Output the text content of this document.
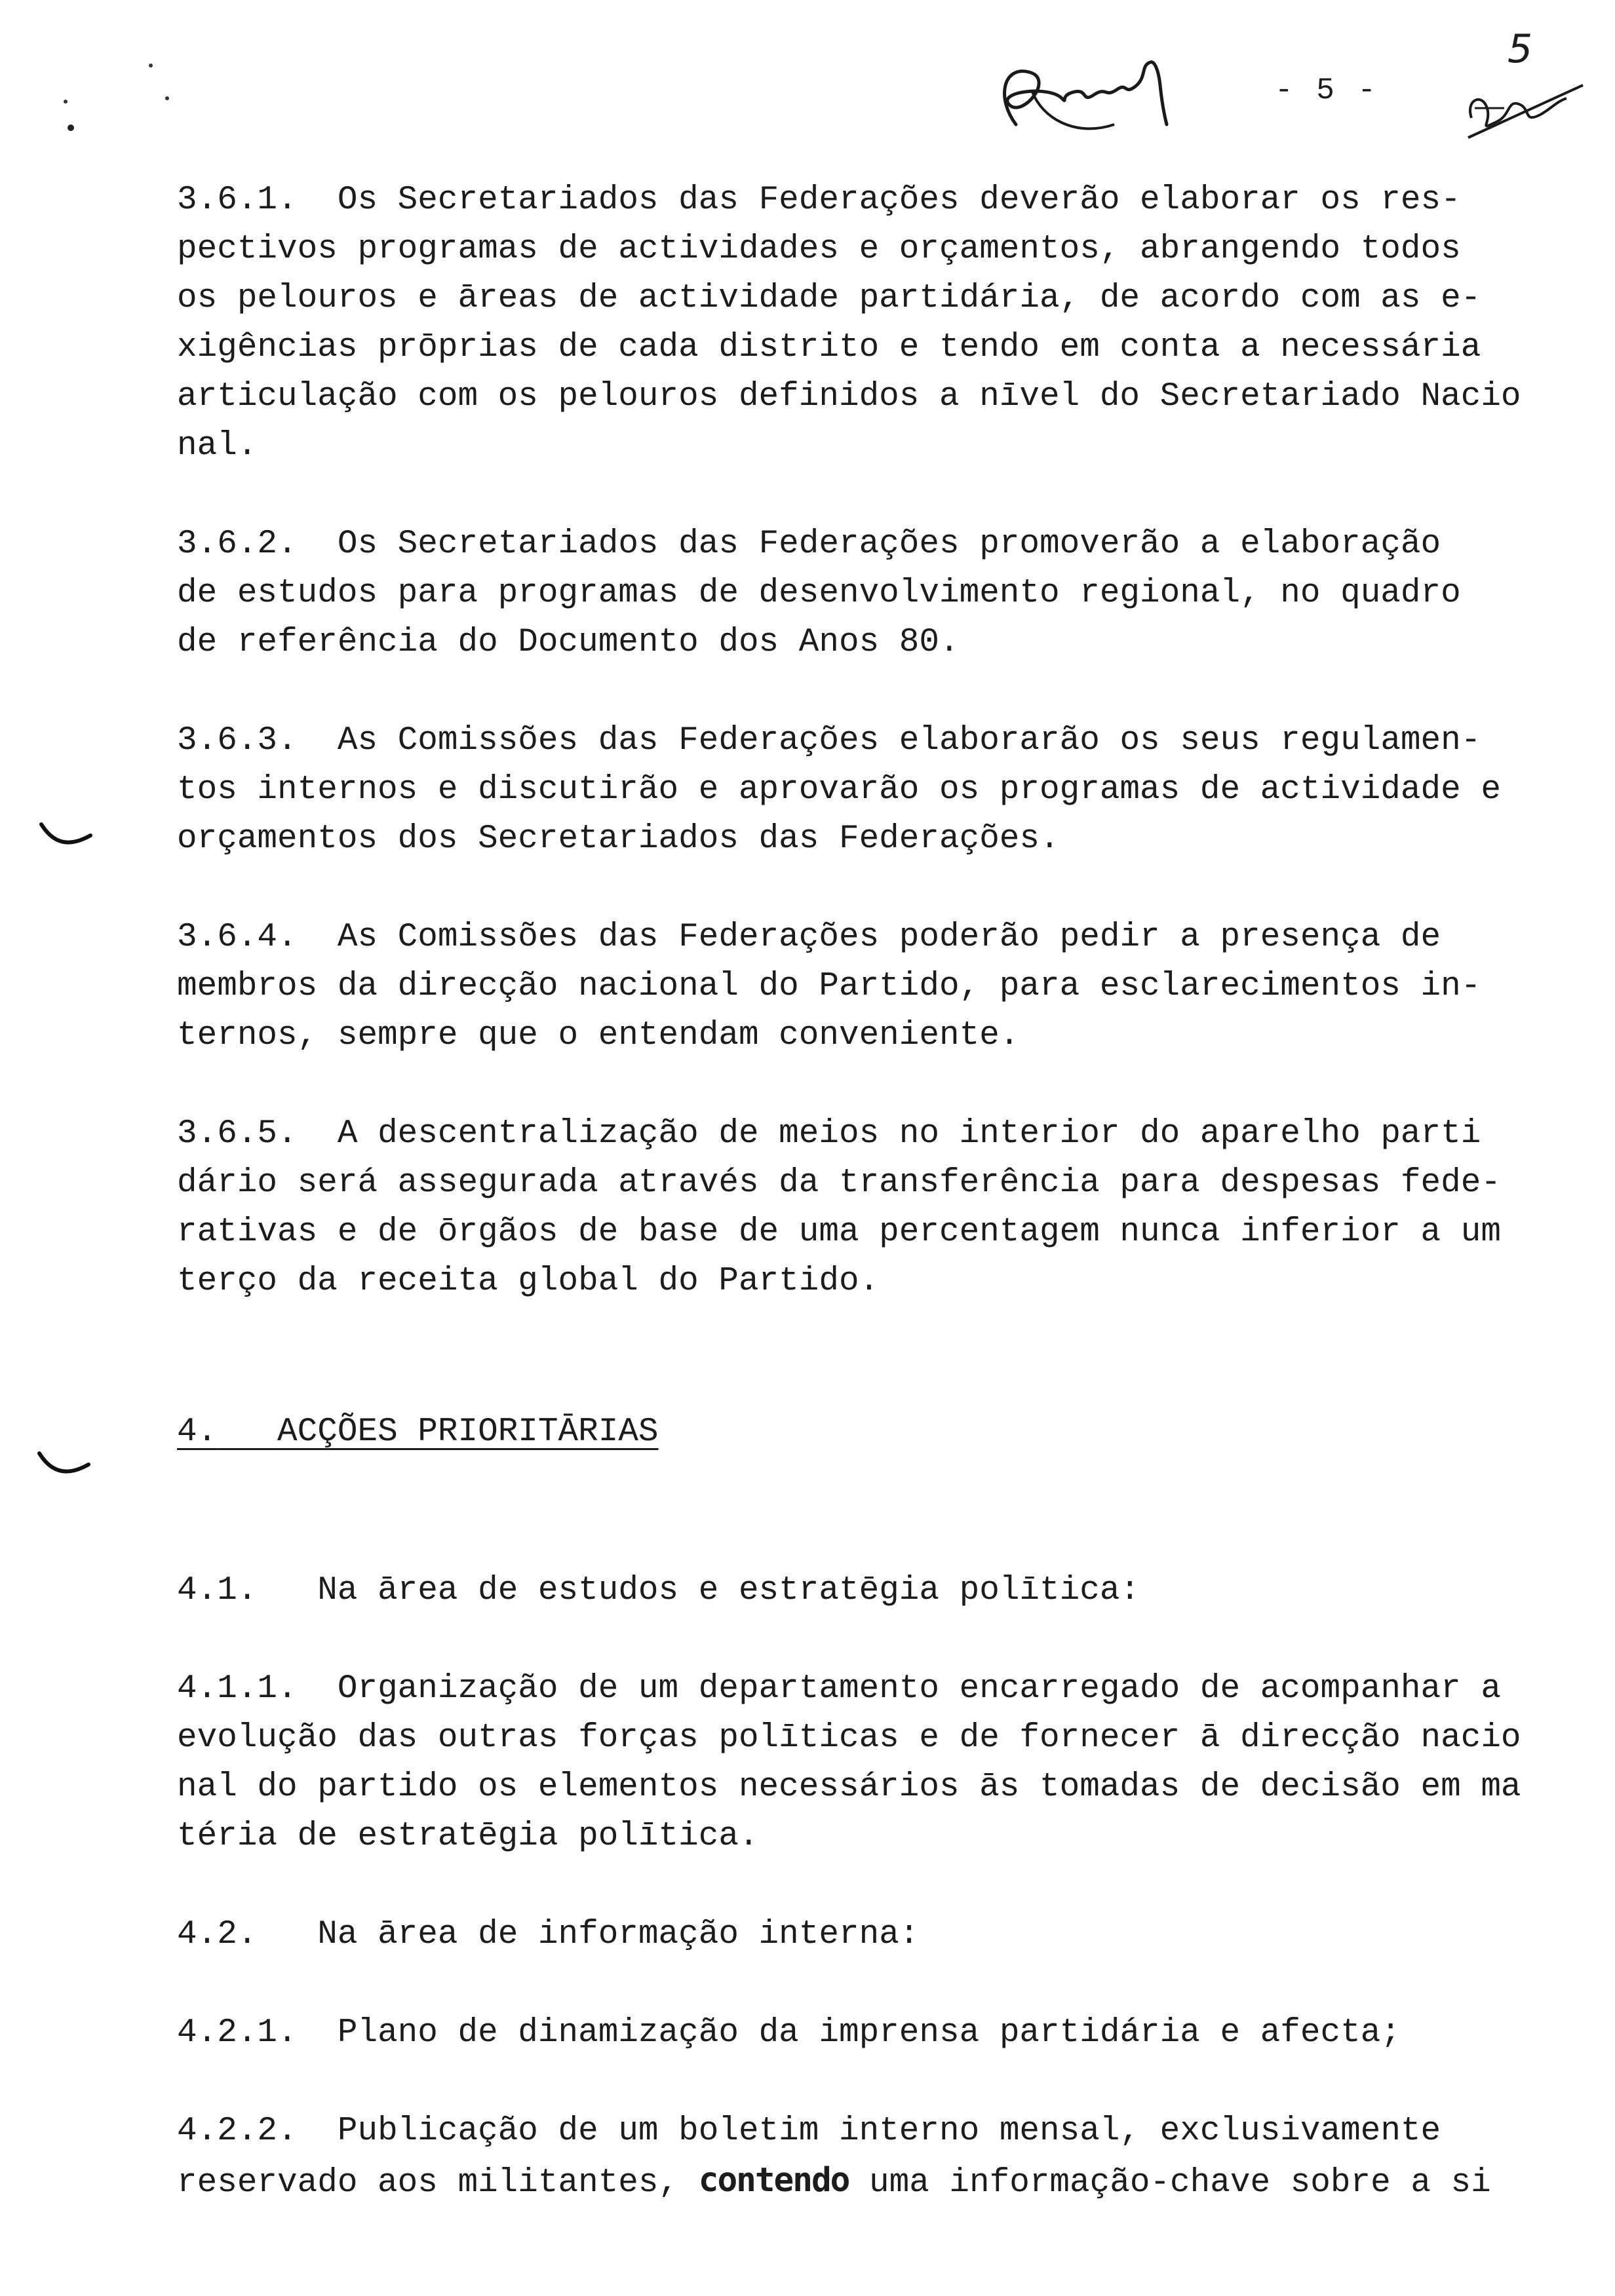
- 5 -
5
3.6.1. Os Secretariados das Federações deverão elaborar os res-
pectivos programas de actividades e orçamentos, abrangendo todos
os pelouros e āreas de actividade partidária, de acordo com as e-
xigências prōprias de cada distrito e tendo em conta a necessária
articulação com os pelouros definidos a nīvel do Secretariado Nacio
nal.
3.6.2. Os Secretariados das Federações promoverão a elaboração
de estudos para programas de desenvolvimento regional, no quadro
de referência do Documento dos Anos 80.
3.6.3. As Comissões das Federações elaborarão os seus regulamen-
tos internos e discutirão e aprovarão os programas de actividade e
orçamentos dos Secretariados das Federações.
3.6.4. As Comissões das Federações poderão pedir a presença de
membros da direcção nacional do Partido, para esclarecimentos in-
ternos, sempre que o entendam conveniente.
3.6.5. A descentralização de meios no interior do aparelho parti
dário será assegurada através da transferência para despesas fede-
rativas e de ōrgãos de base de uma percentagem nunca inferior a um
terço da receita global do Partido.
4. ACÇÕES PRIORITĀRIAS
4.1. Na ārea de estudos e estratēgia polītica:
4.1.1. Organização de um departamento encarregado de acompanhar a
evolução das outras forças polīticas e de fornecer ā direcção nacio
nal do partido os elementos necessários ās tomadas de decisão em ma
téria de estratēgia polītica.
4.2. Na ārea de informação interna:
4.2.1. Plano de dinamização da imprensa partidária e afecta;
4.2.2. Publicação de um boletim interno mensal, exclusivamente
reservado aos militantes, contendo uma informação-chave sobre a si
